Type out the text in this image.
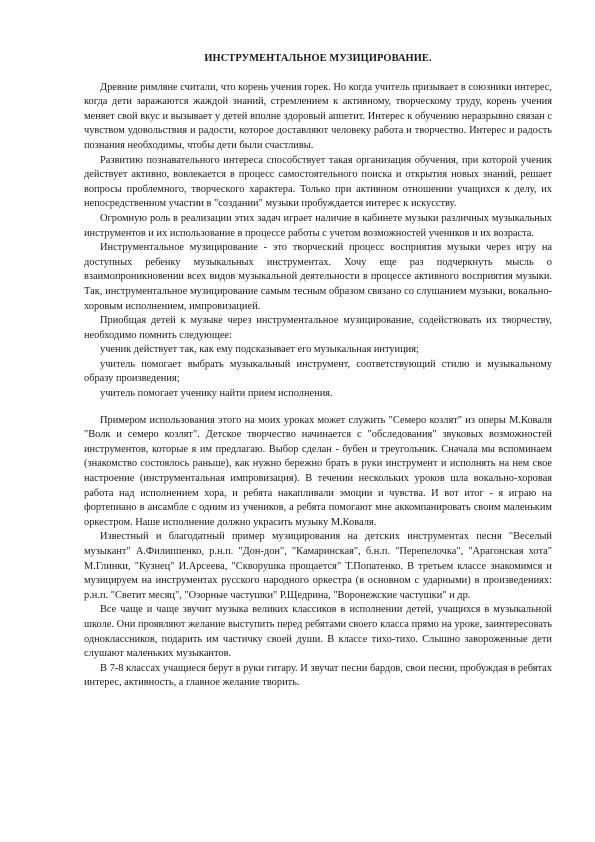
ИНСТРУМЕНТАЛЬНОЕ МУЗИЦИРОВАНИЕ.

Древние римляне считали, что корень учения горек. Но когда учитель призывает в союзники интерес, когда дети заражаются жаждой знаний, стремлением к активному, творческому труду, корень учения меняет свой вкус и вызывает у детей вполне здоровый аппетит. Интерес к обучению неразрывно связан с чувством удовольствия и радости, которое доставляют человеку работа и творчество. Интерес и радость познания необходимы, чтобы дети были счастливы.

Развитию познавательного интереса способствует такая организация обучения, при которой ученик действует активно, вовлекается в процесс самостоятельного поиска и открытия новых знаний, решает вопросы проблемного, творческого характера. Только при активном отношении учащихся к делу, их непосредственном участии в "создании" музыки пробуждается интерес к искусству.

Огромную роль в реализации этих задач играет наличие в кабинете музыки различных музыкальных инструментов и их использование в процессе работы с учетом возможностей учеников и их возраста.

Инструментальное музицирование - это творческий процесс восприятия музыки через игру на доступных ребенку музыкальных инструментах. Хочу еще раз подчеркнуть мысль о взаимопроникновении всех видов музыкальной деятельности в процессе активного восприятия музыки. Так, инструментальное музицирование самым тесным образом связано со слушанием музыки, вокально-хоровым исполнением, импровизацией.

Приобщая детей к музыке через инструментальное музицирование, содействовать их творчеству, необходимо помнить следующее:

ученик действует так, как ему подсказывает его музыкальная интуиция;

учитель помогает выбрать музыкальный инструмент, соответствующий стилю и музыкальному образу произведения;

учитель помогает ученику найти прием исполнения.

Примером использования этого на моих уроках может служить "Семеро козлят" из оперы М.Коваля "Волк и семеро козлят". Детское творчество начинается с "обследования" звуковых возможностей инструментов, которые я им предлагаю. Выбор сделан - бубен и треугольник. Сначала мы вспоминаем (знакомство состоялось раньше), как нужно бережно брать в руки инструмент и исполнять на нем свое настроение (инструментальная импровизация). В течении нескольких уроков шла вокально-хоровая работа над исполнением хора, и ребята накапливали эмоции и чувства. И вот итог - я играю на фортепиано в ансамбле с одним из учеников, а ребята помогают мне аккомпанировать своим маленьким оркестром. Наше исполнение должно украсить музыку М.Коваля.

Известный и благодатный пример музицирования на детских инструментах песня "Веселый музыкант" А.Филиппенко, р.н.п. "Дон-дон", "Камаринская", б.н.п. "Перепелочка", "Арагонская хота" М.Глинки, "Кузнец" И.Арсеева, "Скворушка прощается" Т.Попатенко. В третьем классе знакомимся и музицируем на инструментах русского народного оркестра (в основном с ударными) в произведениях: р.н.п. "Светит месяц", "Озорные частушки" Р.Щедрина, "Воронежские частушки" и др.

Все чаще и чаще звучит музыка великих классиков в исполнении детей, учащихся в музыкальной школе. Они проявляют желание выступить перед ребятами своего класса прямо на уроке, заинтересовать одноклассников, подарить им частичку своей души. В классе тихо-тихо. Слышно завороженные дети слушают маленьких музыкантов.

В 7-8 классах учащиеся берут в руки гитару. И звучат песни бардов, свои песни, пробуждая в ребятах интерес, активность, а главное желание творить.
